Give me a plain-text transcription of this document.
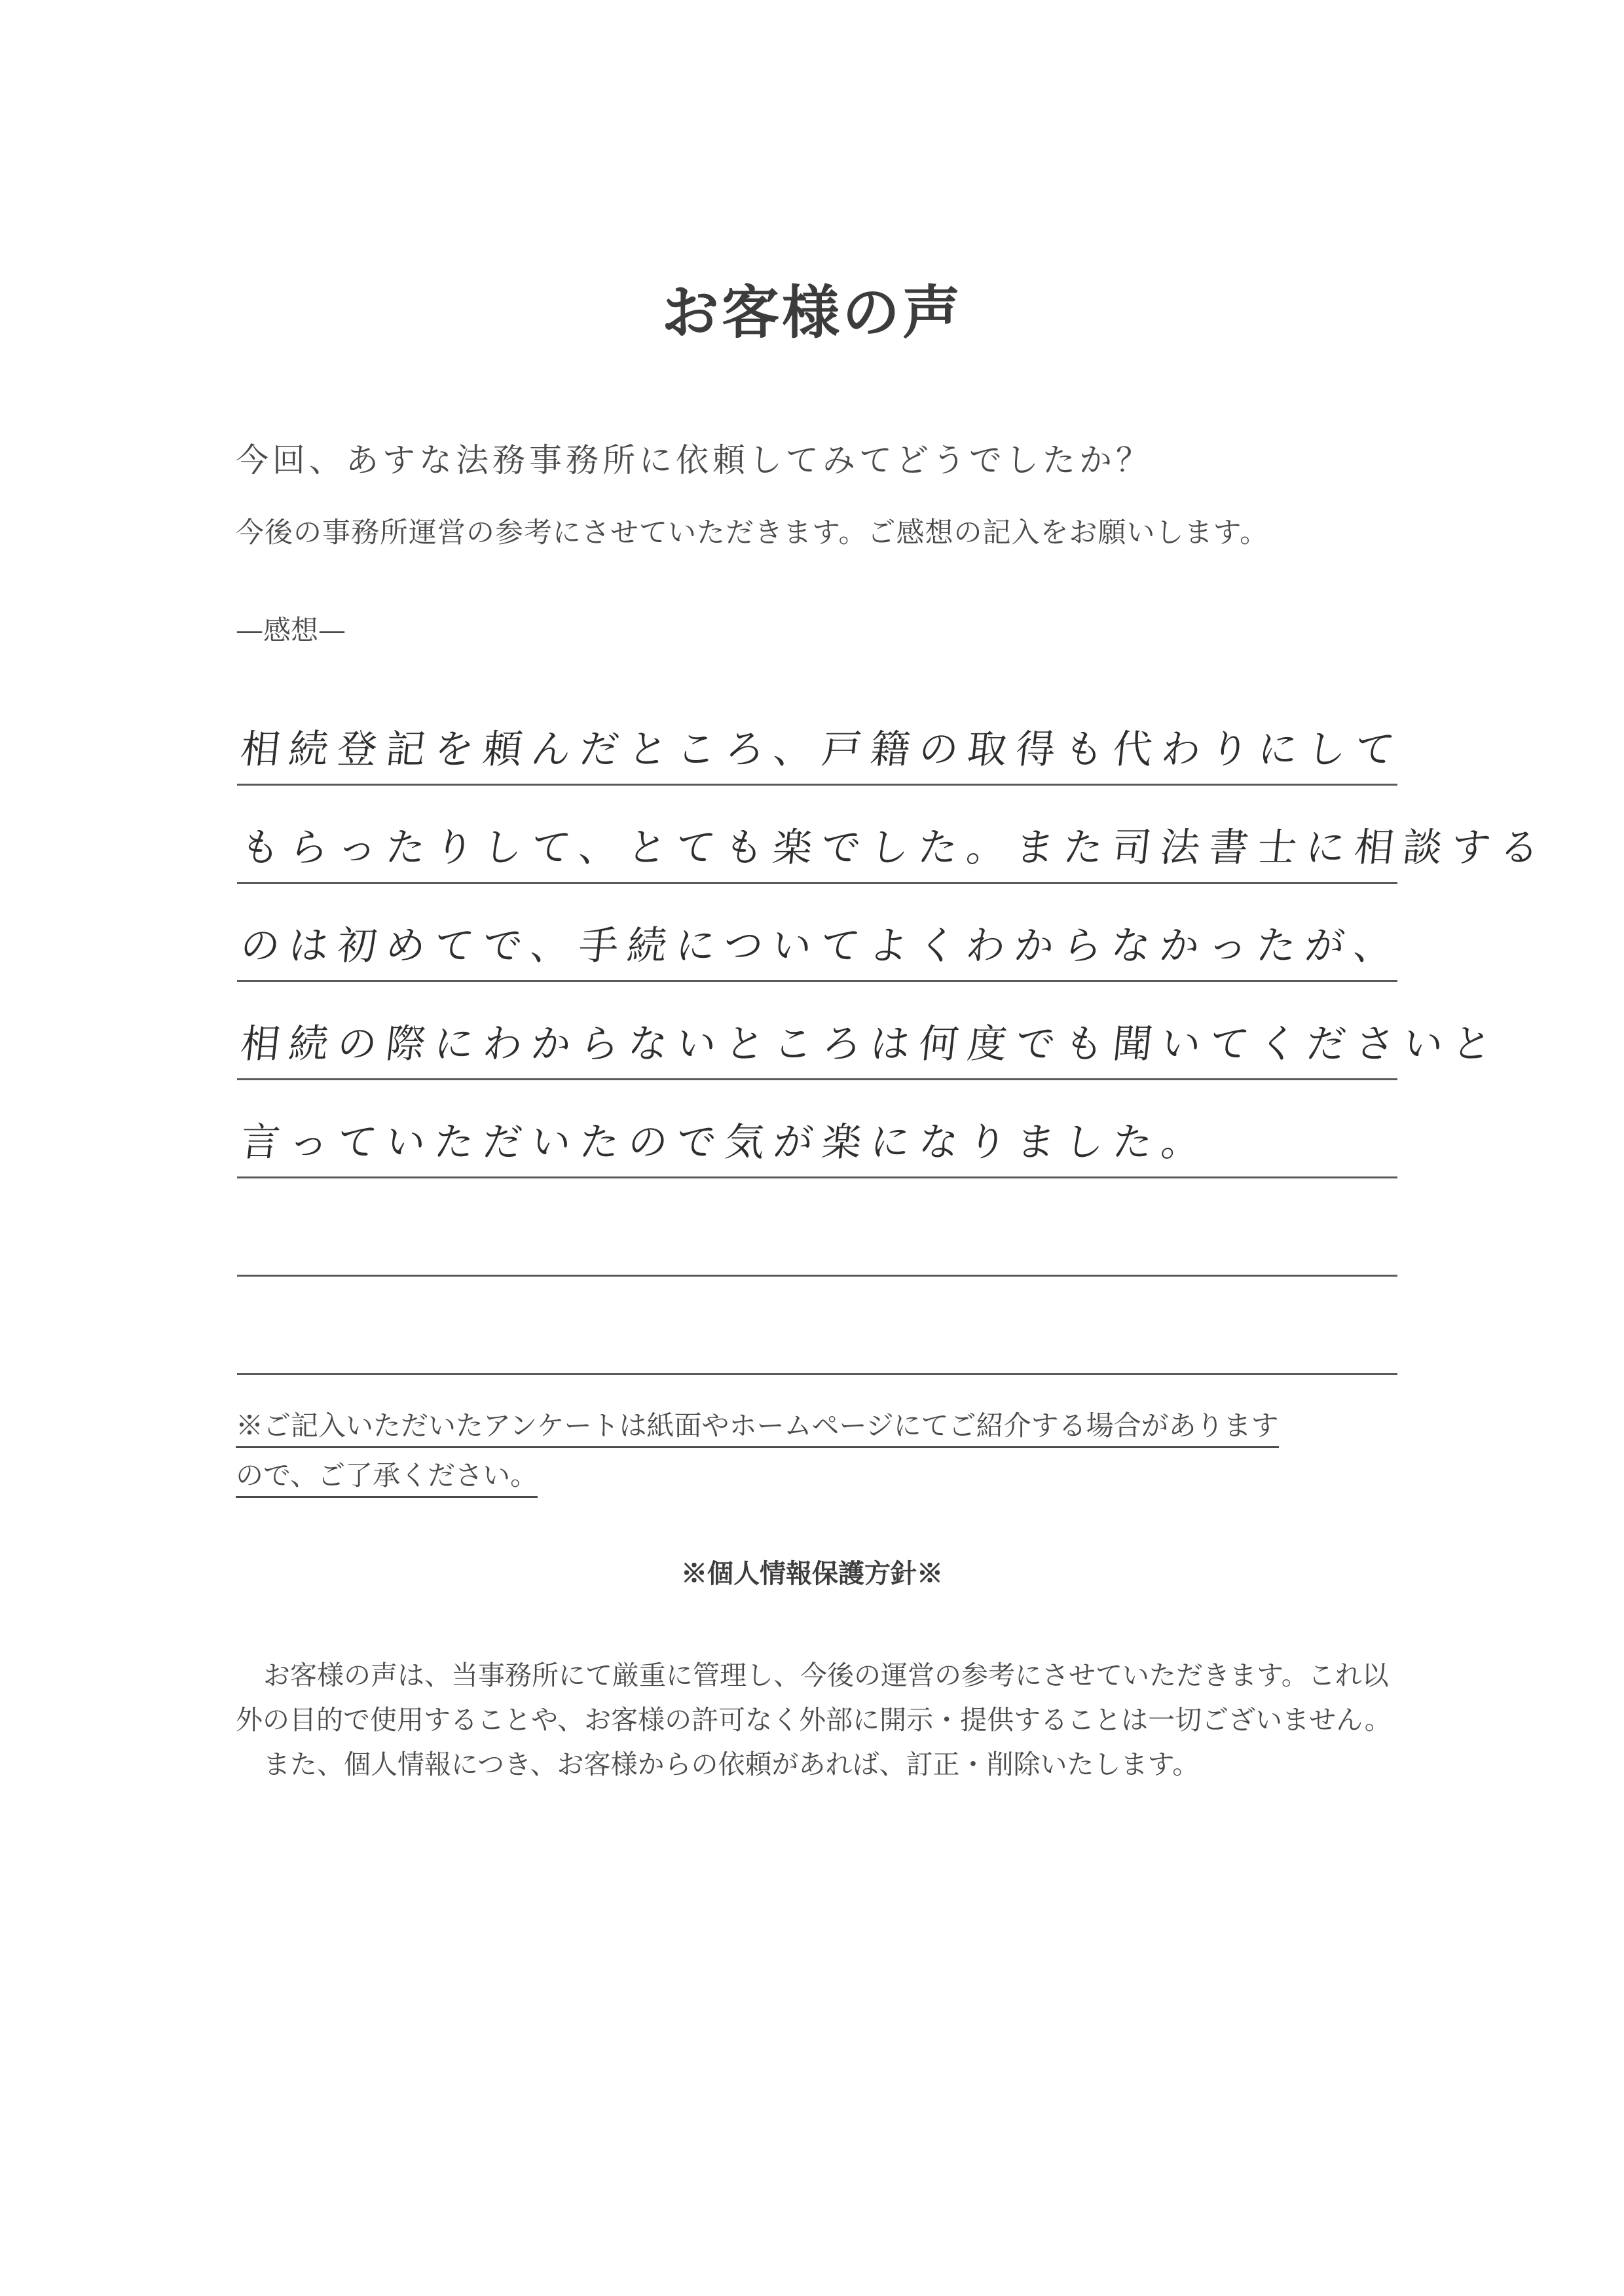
お客様の声
今回、あすな法務事務所に依頼してみてどうでしたか？
今後の事務所運営の参考にさせていただきます。ご感想の記入をお願いします。
—感想—
相続登記を頼んだところ、戸籍の取得も代わりにして
もらったりして、とても楽でした。また司法書士に相談する
のは初めてで、手続についてよくわからなかったが、
相続の際にわからないところは何度でも聞いてくださいと
言っていただいたので気が楽になりました。
※ご記入いただいたアンケートは紙面やホームページにてご紹介する場合があります
ので、ご了承ください。
※個人情報保護方針※

お客様の声は、当事務所にて厳重に管理し、今後の運営の参考にさせていただきます。これ以外の目的で使用することや、お客様の許可なく外部に開示・提供することは一切ございません。

また、個人情報につき、お客様からの依頼があれば、訂正・削除いたします。
